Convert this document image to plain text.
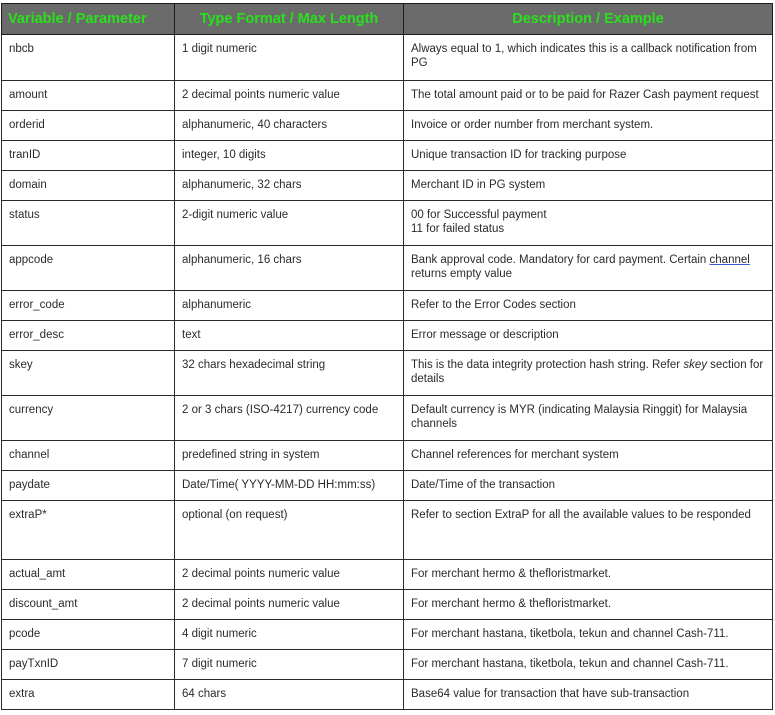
Variable / Parameter	Type Format / Max Length	Description / Example
nbcb	1 digit numeric	Always equal to 1, which indicates this is a callback notification from PG
amount	2 decimal points numeric value	The total amount paid or to be paid for Razer Cash payment request
orderid	alphanumeric, 40 characters	Invoice or order number from merchant system.
tranID	integer, 10 digits	Unique transaction ID for tracking purpose
domain	alphanumeric, 32 chars	Merchant ID in PG system
status	2-digit numeric value	00 for Successful payment
11 for failed status
appcode	alphanumeric, 16 chars	Bank approval code. Mandatory for card payment. Certain channel returns empty value
error_code	alphanumeric	Refer to the Error Codes section
error_desc	text	Error message or description
skey	32 chars hexadecimal string	This is the data integrity protection hash string. Refer skey section for details
currency	2 or 3 chars (ISO-4217) currency code	Default currency is MYR (indicating Malaysia Ringgit) for Malaysia channels
channel	predefined string in system	Channel references for merchant system
paydate	Date/Time( YYYY-MM-DD HH:mm:ss)	Date/Time of the transaction
extraP*	optional (on request)	Refer to section ExtraP for all the available values to be responded
actual_amt	2 decimal points numeric value	For merchant hermo & thefloristmarket.
discount_amt	2 decimal points numeric value	For merchant hermo & thefloristmarket.
pcode	4 digit numeric	For merchant hastana, tiketbola, tekun and channel Cash-711.
payTxnID	7 digit numeric	For merchant hastana, tiketbola, tekun and channel Cash-711.
extra	64 chars	Base64 value for transaction that have sub-transaction
